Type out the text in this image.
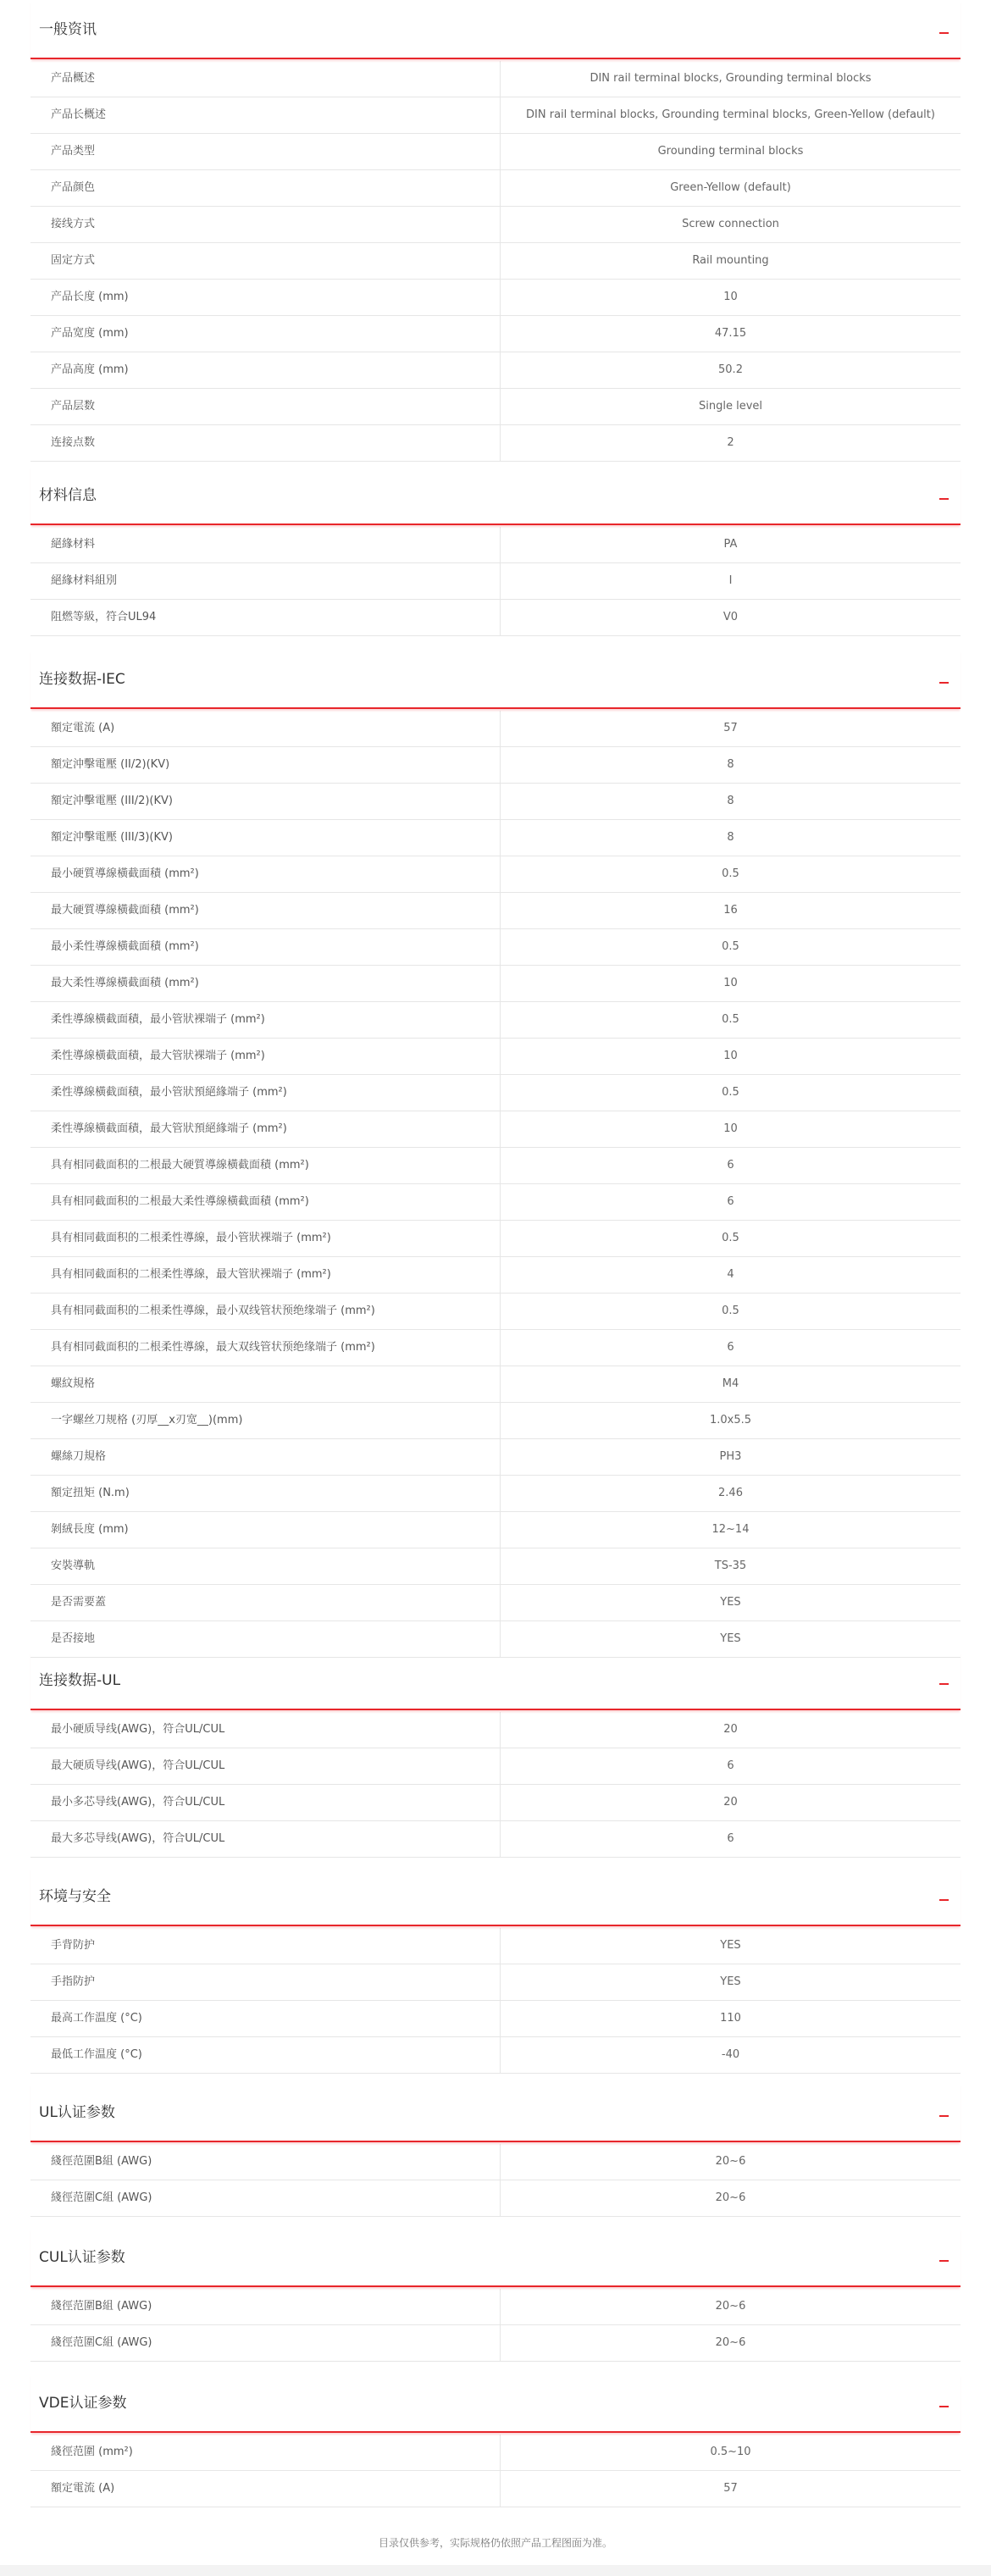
一般资讯
产品概述	DIN rail terminal blocks, Grounding terminal blocks
产品长概述	DIN rail terminal blocks, Grounding terminal blocks, Green-Yellow (default)
产品类型	Grounding terminal blocks
产品颜色	Green-Yellow (default)
接线方式	Screw connection
固定方式	Rail mounting
产品长度 (mm)	10
产品宽度 (mm)	47.15
产品高度 (mm)	50.2
产品层数	Single level
连接点数	2
材料信息
絕緣材料	PA
絕緣材料組別	I
阻燃等級，符合UL94	V0
连接数据-IEC
額定電流 (A)	57
額定沖擊電壓 (II/2)(KV)	8
額定沖擊電壓 (III/2)(KV)	8
額定沖擊電壓 (III/3)(KV)	8
最小硬質導線橫截面積 (mm²)	0.5
最大硬質導線橫截面積 (mm²)	16
最小柔性導線橫截面積 (mm²)	0.5
最大柔性導線橫截面積 (mm²)	10
柔性導線橫截面積，最小管狀裸端子 (mm²)	0.5
柔性導線橫截面積，最大管狀裸端子 (mm²)	10
柔性導線橫截面積，最小管狀預絕緣端子 (mm²)	0.5
柔性導線橫截面積，最大管狀預絕緣端子 (mm²)	10
具有相同截面积的二根最大硬質導線橫截面積 (mm²)	6
具有相同截面积的二根最大柔性導線橫截面積 (mm²)	6
具有相同截面积的二根柔性導線，最小管狀裸端子 (mm²)	0.5
具有相同截面积的二根柔性導線，最大管狀裸端子 (mm²)	4
具有相同截面积的二根柔性導線，最小双线管状预绝缘端子 (mm²)	0.5
具有相同截面积的二根柔性導線，最大双线管状预绝缘端子 (mm²)	6
螺紋規格	M4
一字螺丝刀规格 (刃厚__x刃宽__)(mm)	1.0x5.5
螺絲刀規格	PH3
額定扭矩 (N.m)	2.46
剝絨長度 (mm)	12~14
安裝導軌	TS-35
是否需要蓋	YES
是否接地	YES
连接数据-UL
最小硬质导线(AWG)，符合UL/CUL	20
最大硬质导线(AWG)，符合UL/CUL	6
最小多芯导线(AWG)，符合UL/CUL	20
最大多芯导线(AWG)，符合UL/CUL	6
环境与安全
手背防护	YES
手指防护	YES
最高工作温度 (°C)	110
最低工作温度 (°C)	-40
UL认证参数
綫徑范圍B組 (AWG)	20~6
綫徑范圍C組 (AWG)	20~6
CUL认证参数
綫徑范圍B組 (AWG)	20~6
綫徑范圍C組 (AWG)	20~6
VDE认证参数
綫徑范圍 (mm²)	0.5~10
額定電流 (A)	57
目录仅供参考，实际规格仍依照产品工程图面为准。
